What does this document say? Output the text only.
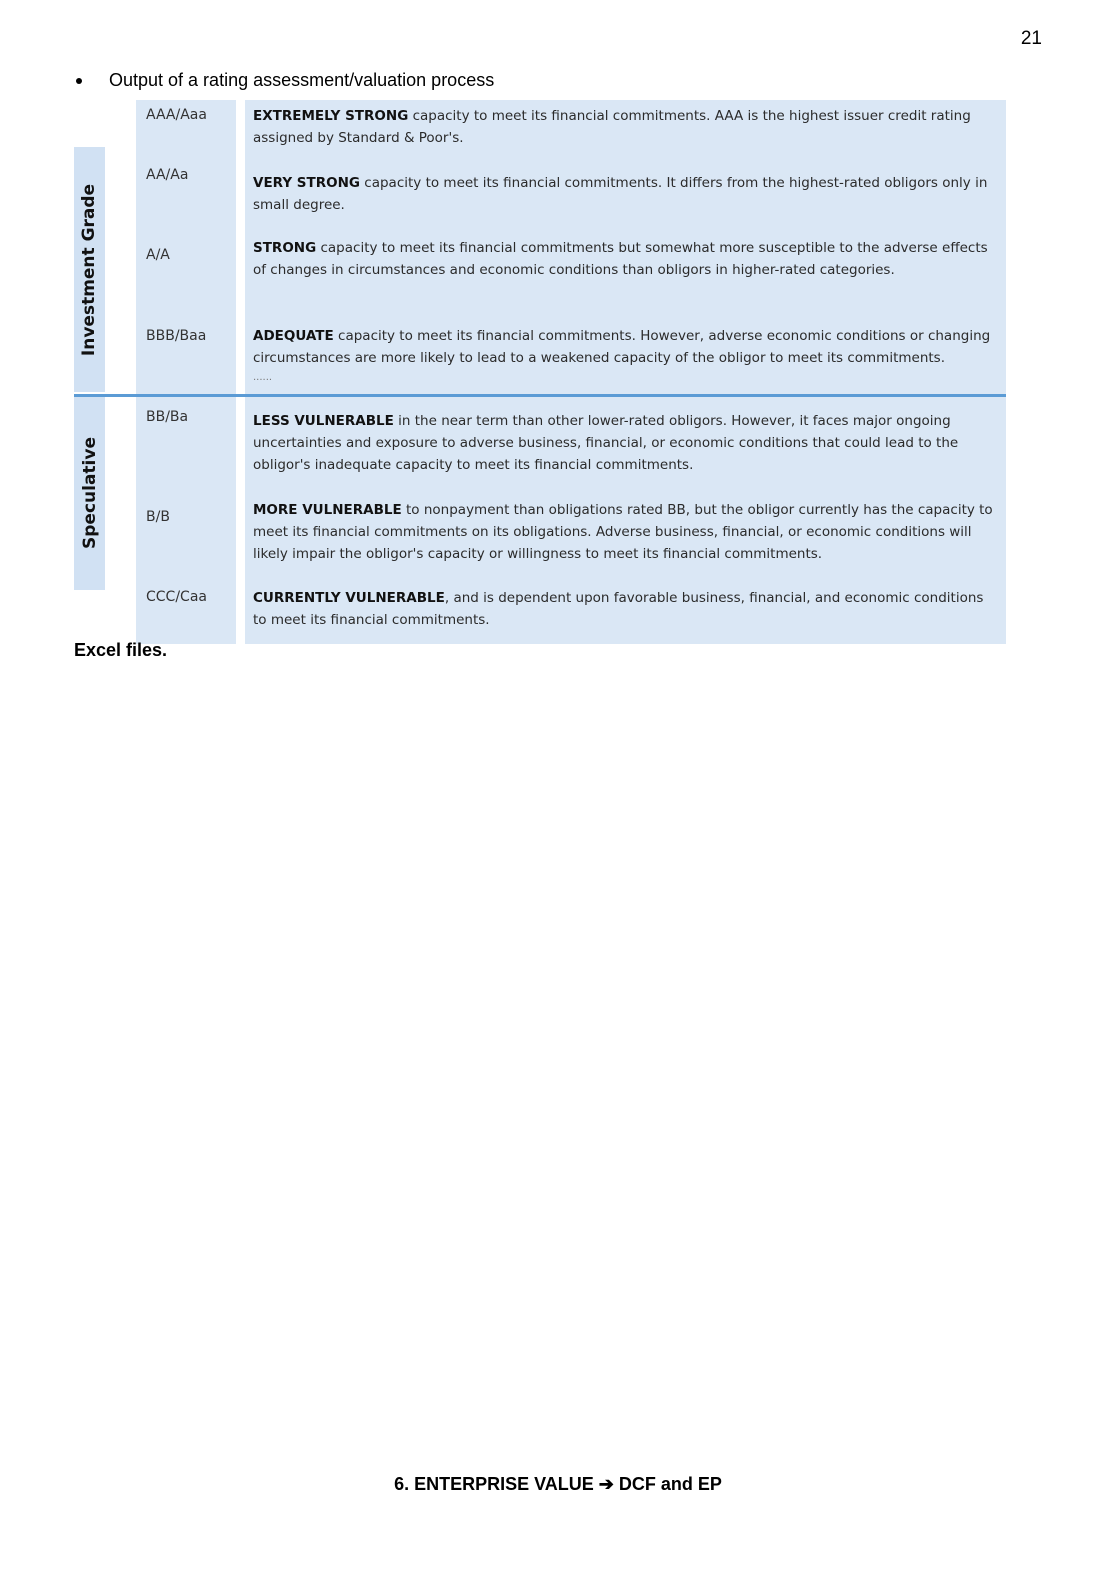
21
Output of a rating assessment/valuation process
Investment Grade
Speculative
AAA/Aaa	EXTREMELY STRONG capacity to meet its financial commitments. AAA is the highest issuer credit rating assigned by Standard & Poor's.
AA/Aa	VERY STRONG capacity to meet its financial commitments. It differs from the highest-rated obligors only in small degree.
A/A	STRONG capacity to meet its financial commitments but somewhat more susceptible to the adverse effects of changes in circumstances and economic conditions than obligors in higher-rated categories.
BBB/Baa	ADEQUATE capacity to meet its financial commitments. However, adverse economic conditions or changing circumstances are more likely to lead to a weakened capacity of the obligor to meet its commitments.
......
BB/Ba	LESS VULNERABLE in the near term than other lower-rated obligors. However, it faces major ongoing uncertainties and exposure to adverse business, financial, or economic conditions that could lead to the obligor's inadequate capacity to meet its financial commitments.
B/B	MORE VULNERABLE to nonpayment than obligations rated BB, but the obligor currently has the capacity to meet its financial commitments on its obligations. Adverse business, financial, or economic conditions will likely impair the obligor's capacity or willingness to meet its financial commitments.
CCC/Caa	CURRENTLY VULNERABLE, and is dependent upon favorable business, financial, and economic conditions to meet its financial commitments.
Excel files.
6. ENTERPRISE VALUE ➔ DCF and EP
